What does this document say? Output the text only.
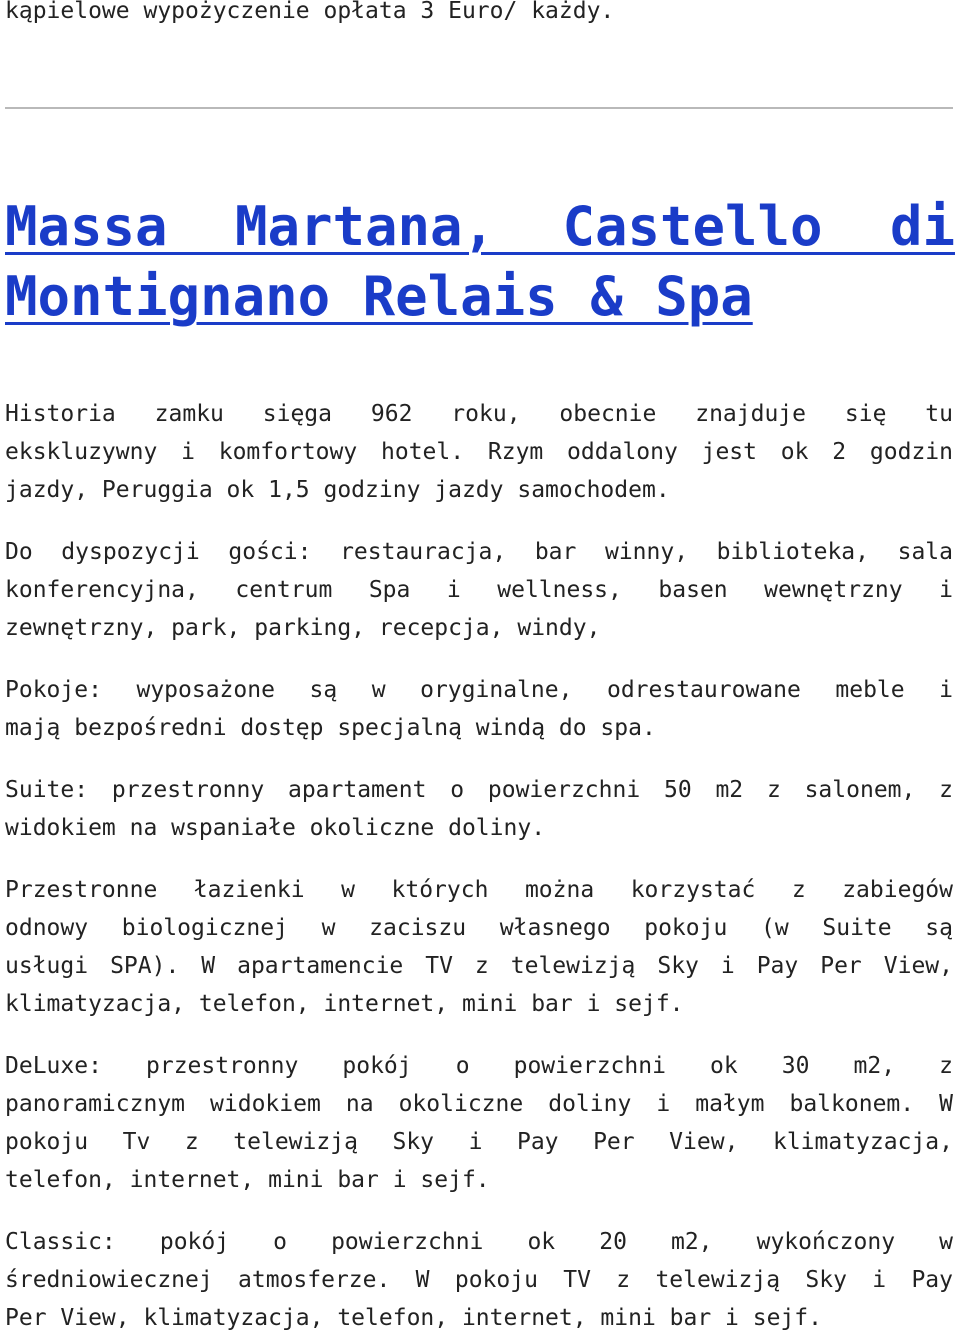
kąpielowe wypożyczenie opłata 3 Euro/ każdy.
Massa Martana, Castello di
Montignano Relais & Spa

Historia zamku sięga 962 roku, obecnie znajduje się tu
ekskluzywny i komfortowy hotel. Rzym oddalony jest ok 2 godzin
jazdy, Peruggia ok 1,5 godziny jazdy samochodem.

Do dyspozycji gości: restauracja, bar winny, biblioteka, sala
konferencyjna, centrum Spa i wellness, basen wewnętrzny i
zewnętrzny, park, parking, recepcja, windy,

Pokoje: wyposażone są w oryginalne, odrestaurowane meble i
mają bezpośredni dostęp specjalną windą do spa.

Suite: przestronny apartament o powierzchni 50 m2 z salonem, z
widokiem na wspaniałe okoliczne doliny.

Przestronne łazienki w których można korzystać z zabiegów
odnowy biologicznej w zaciszu własnego pokoju (w Suite są
usługi SPA). W apartamencie TV z telewizją Sky i Pay Per View,
klimatyzacja, telefon, internet, mini bar i sejf.

DeLuxe: przestronny pokój o powierzchni ok 30 m2, z
panoramicznym widokiem na okoliczne doliny i małym balkonem. W
pokoju Tv z telewizją Sky i Pay Per View, klimatyzacja,
telefon, internet, mini bar i sejf.

Classic: pokój o powierzchni ok 20 m2, wykończony w
średniowiecznej atmosferze. W pokoju TV z telewizją Sky i Pay
Per View, klimatyzacja, telefon, internet, mini bar i sejf.
